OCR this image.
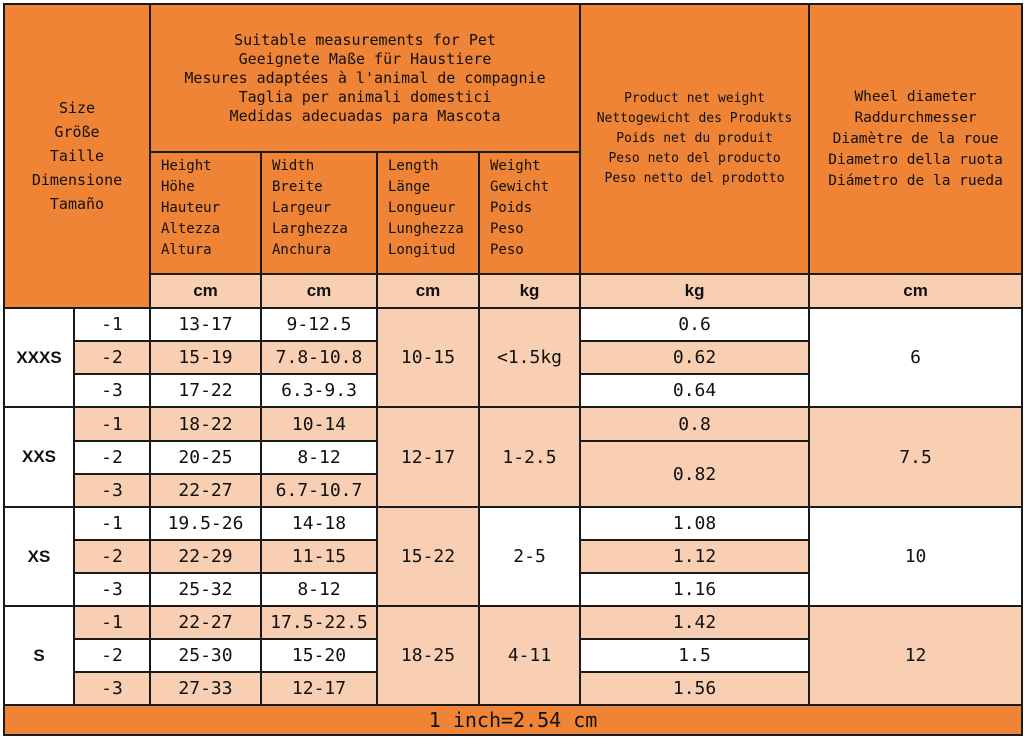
Size
Größe
Taille
Dimensione
Tamaño		Suitable measurements for Pet
Geeignete Maße für Haustiere
Mesures adaptées à l'animal de compagnie
Taglia per animali domestici
Medidas adecuadas para Mascota				Product net weight
Nettogewicht des Produkts
Poids net du produit
Peso neto del producto
Peso netto del prodotto	Wheel diameter
Raddurchmesser
Diamètre de la roue
Diametro della ruota
Diámetro de la rueda

		Height
Höhe
Hauteur
Altezza
Altura	Width
Breite
Largeur
Larghezza
Anchura	Length
Länge
Longueur
Lunghezza
Longitud	Weight
Gewicht
Poids
Peso
Peso		

		cm	cm	cm	kg	kg	cm
XXXS	-1	13-17	9-12.5	10-15	<1.5kg	0.6	6
	-2	15-19	7.8-10.8			0.62	
	-3	17-22	6.3-9.3			0.64	
XXS	-1	18-22	10-14	12-17	1-2.5	0.8	7.5
	-2	20-25	8-12			0.82	
	-3	22-27	6.7-10.7				
XS	-1	19.5-26	14-18	15-22	2-5	1.08	10
	-2	22-29	11-15			1.12	
	-3	25-32	8-12			1.16	
S	-1	22-27	17.5-22.5	18-25	4-11	1.42	12
	-2	25-30	15-20			1.5	
	-3	27-33	12-17			1.56	
1 inch=2.54 cm							
